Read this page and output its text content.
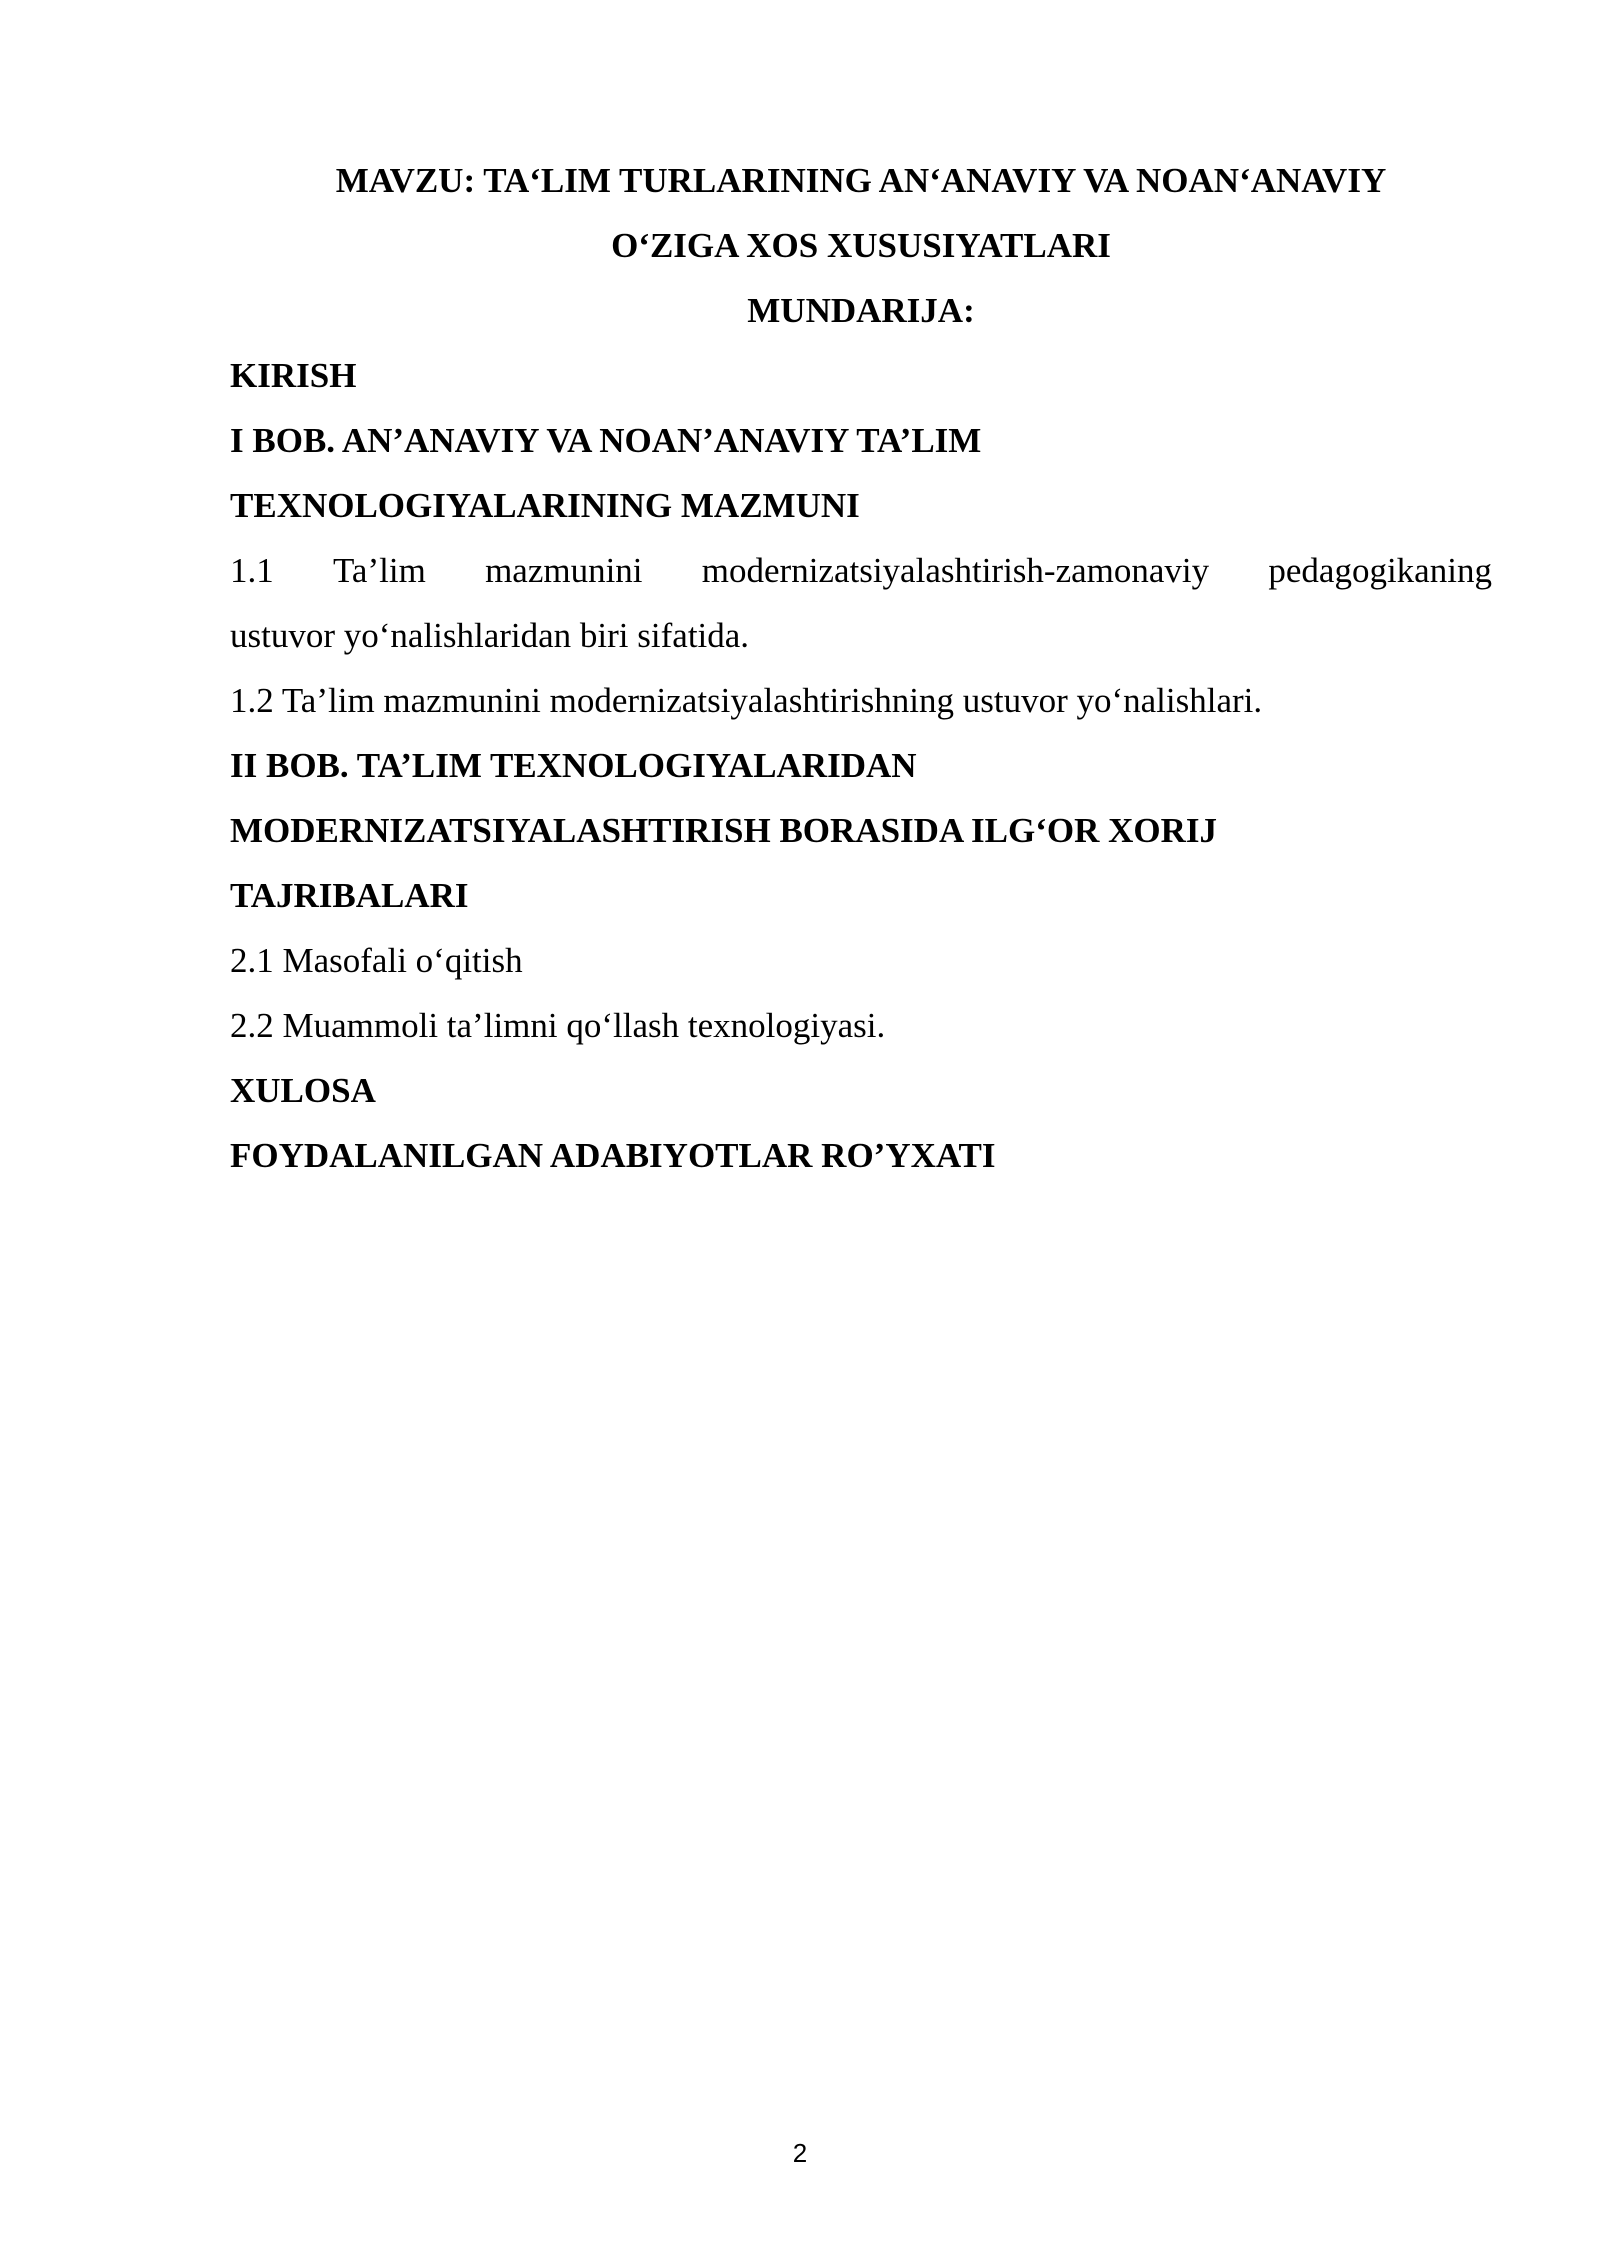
MAVZU: TA‘LIM TURLARINING AN‘ANAVIY VA NOAN‘ANAVIY
O‘ZIGA XOS XUSUSIYATLARI
MUNDARIJA:
KIRISH
I BOB. AN’ANAVIY VA NOAN’ANAVIY TA’LIM
TEXNOLOGIYALARINING MAZMUNI
1.1 Ta’lim mazmunini modernizatsiyalashtirish-zamonaviy pedagogikaning
ustuvor yo‘nalishlaridan biri sifatida.
1.2 Ta’lim mazmunini modernizatsiyalashtirishning ustuvor yo‘nalishlari.
II BOB. TA’LIM TEXNOLOGIYALARIDAN
MODERNIZATSIYALASHTIRISH BORASIDA ILG‘OR XORIJ
TAJRIBALARI
2.1 Masofali o‘qitish
2.2 Muammoli ta’limni qo‘llash texnologiyasi.
XULOSA
FOYDALANILGAN ADABIYOTLAR RO’YXATI
2
